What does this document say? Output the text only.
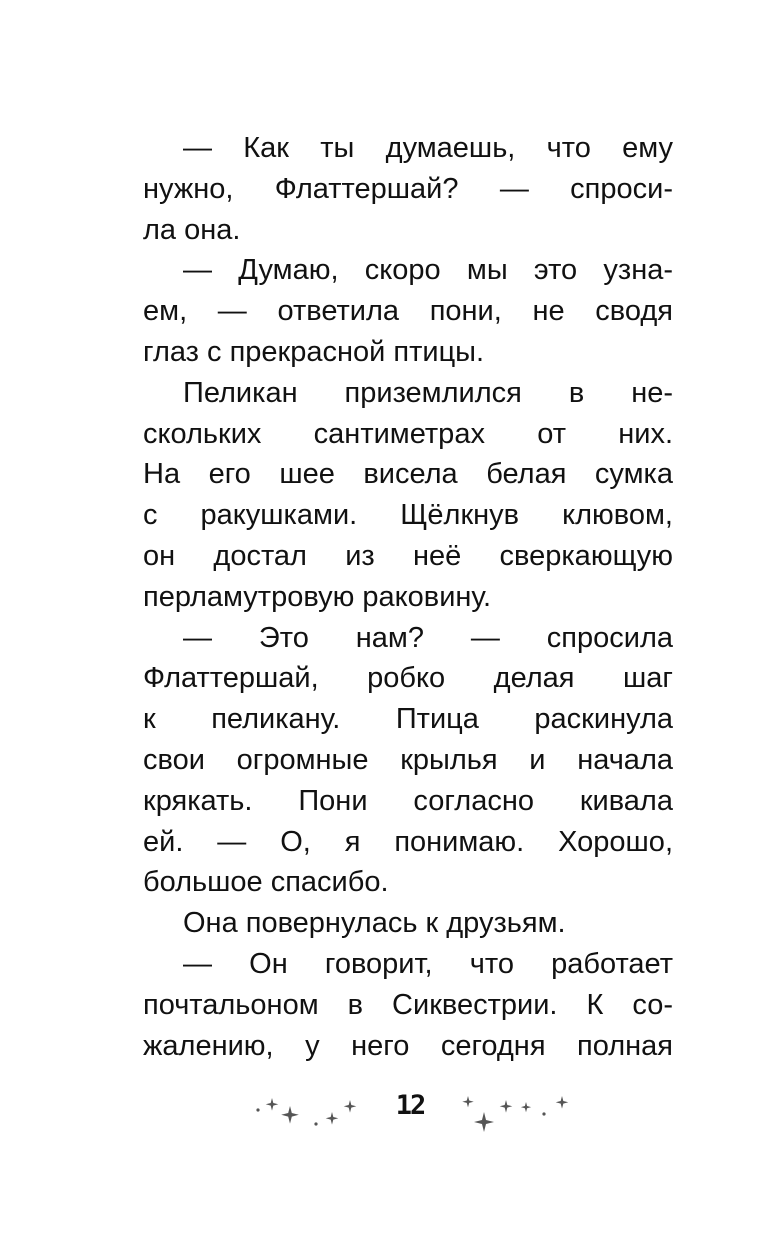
— Как ты думаешь, что ему
нужно, Флаттершай? — спроси-
ла она.
— Думаю, скоро мы это узна-
ем, — ответила пони, не сводя
глаз с прекрасной птицы.
Пеликан приземлился в не-
скольких сантиметрах от них.
На его шее висела белая сумка
с ракушками. Щёлкнув клювом,
он достал из неё сверкающую
перламутровую раковину.
— Это нам? — спросила
Флаттершай, робко делая шаг
к пеликану. Птица раскинула
свои огромные крылья и начала
крякать. Пони согласно кивала
ей. — О, я понимаю. Хорошо,
большое спасибо.
Она повернулась к друзьям.
— Он говорит, что работает
почтальоном в Сиквестрии. К со-
жалению, у него сегодня полная
12
